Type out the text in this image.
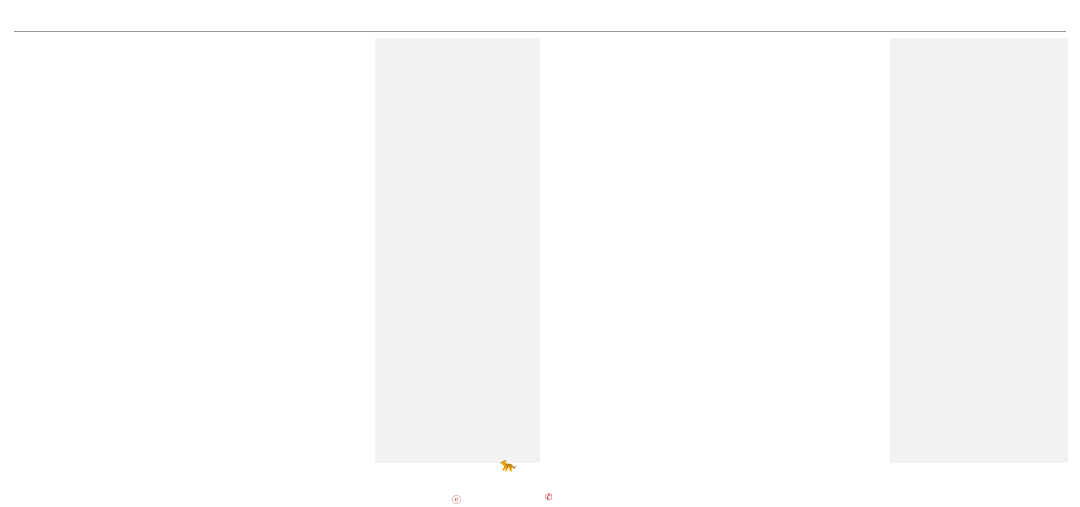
🐆
ⓔ	✆
